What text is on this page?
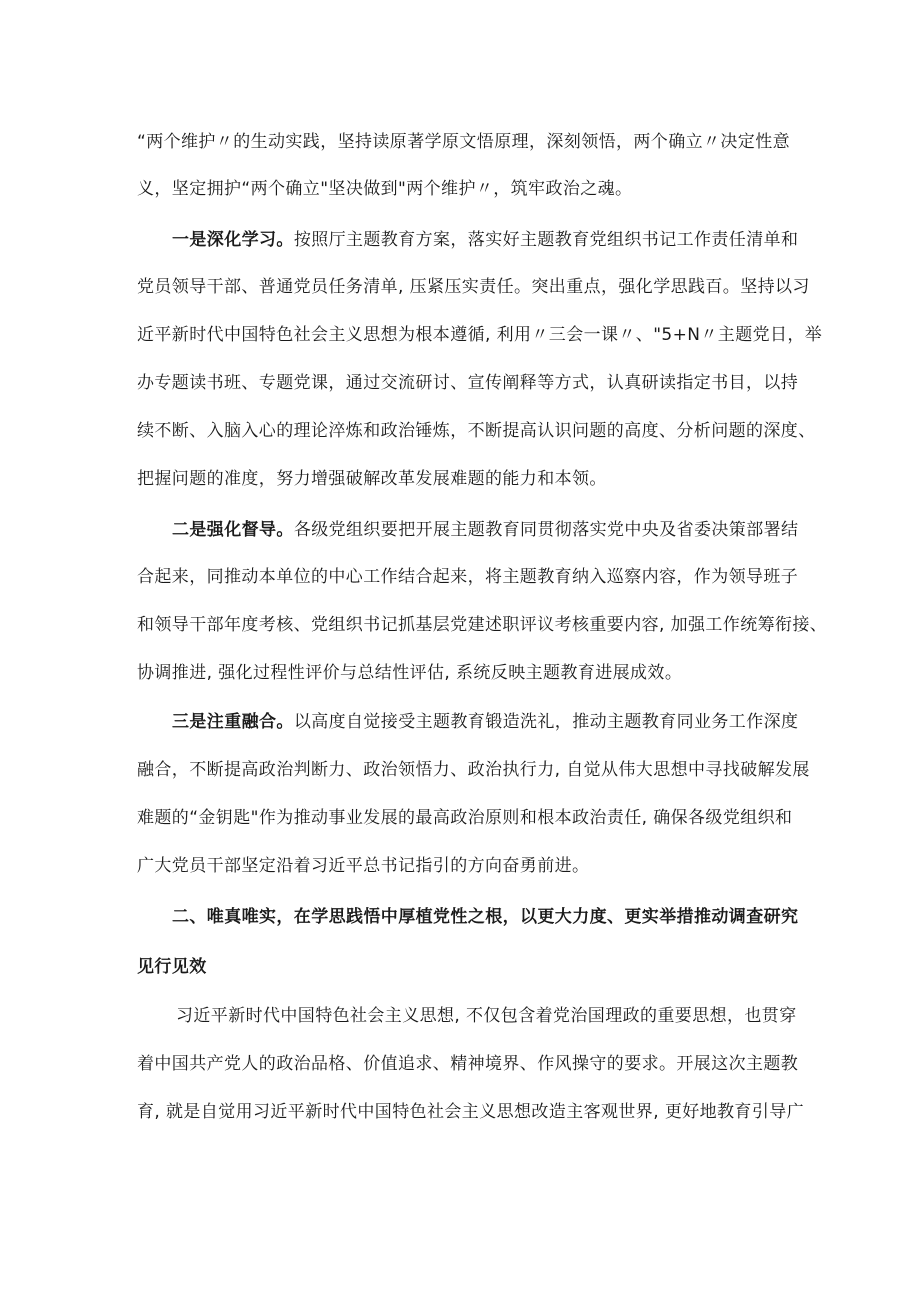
“两个维护〃的生动实践，坚持读原著学原文悟原理，深刻领悟，两个确立〃决定性意
义，坚定拥护“两个确立"坚决做到"两个维护〃，筑牢政治之魂。
一是深化学习。按照厅主题教育方案，落实好主题教育党组织书记工作责任清单和
党员领导干部、普通党员任务清单, 压紧压实责任。突出重点，强化学思践百。坚持以习
近平新时代中国特色社会主义思想为根本遵循, 利用〃三会一课〃、"5+N〃主题党日，举
办专题读书班、专题党课，通过交流研讨、宣传阐释等方式，认真研读指定书目，以持
续不断、入脑入心的理论淬炼和政治锤炼，不断提高认识问题的高度、分析问题的深度、
把握问题的准度，努力增强破解改革发展难题的能力和本领。
二是强化督导。各级党组织要把开展主题教育同贯彻落实党中央及省委决策部署结
合起来，同推动本单位的中心工作结合起来，将主题教育纳入巡察内容，作为领导班子
和领导干部年度考核、党组织书记抓基层党建述职评议考核重要内容, 加强工作统筹衔接、
协调推进, 强化过程性评价与总结性评估, 系统反映主题教育进展成效。
三是注重融合。以高度自觉接受主题教育锻造洗礼，推动主题教育同业务工作深度
融合，不断提高政治判断力、政治领悟力、政治执行力, 自觉从伟大思想中寻找破解发展
难题的“金钥匙"作为推动事业发展的最高政治原则和根本政治责任, 确保各级党组织和
广大党员干部坚定沿着习近平总书记指引的方向奋勇前进。
二、唯真唯实，在学思践悟中厚植党性之根，以更大力度、更实举措推动调查研究
见行见效
习近平新时代中国特色社会主义思想, 不仅包含着党治国理政的重要思想，也贯穿
着中国共产党人的政治品格、价值追求、精神境界、作风操守的要求。开展这次主题教
育, 就是自觉用习近平新时代中国特色社会主义思想改造主客观世界, 更好地教育引导广
